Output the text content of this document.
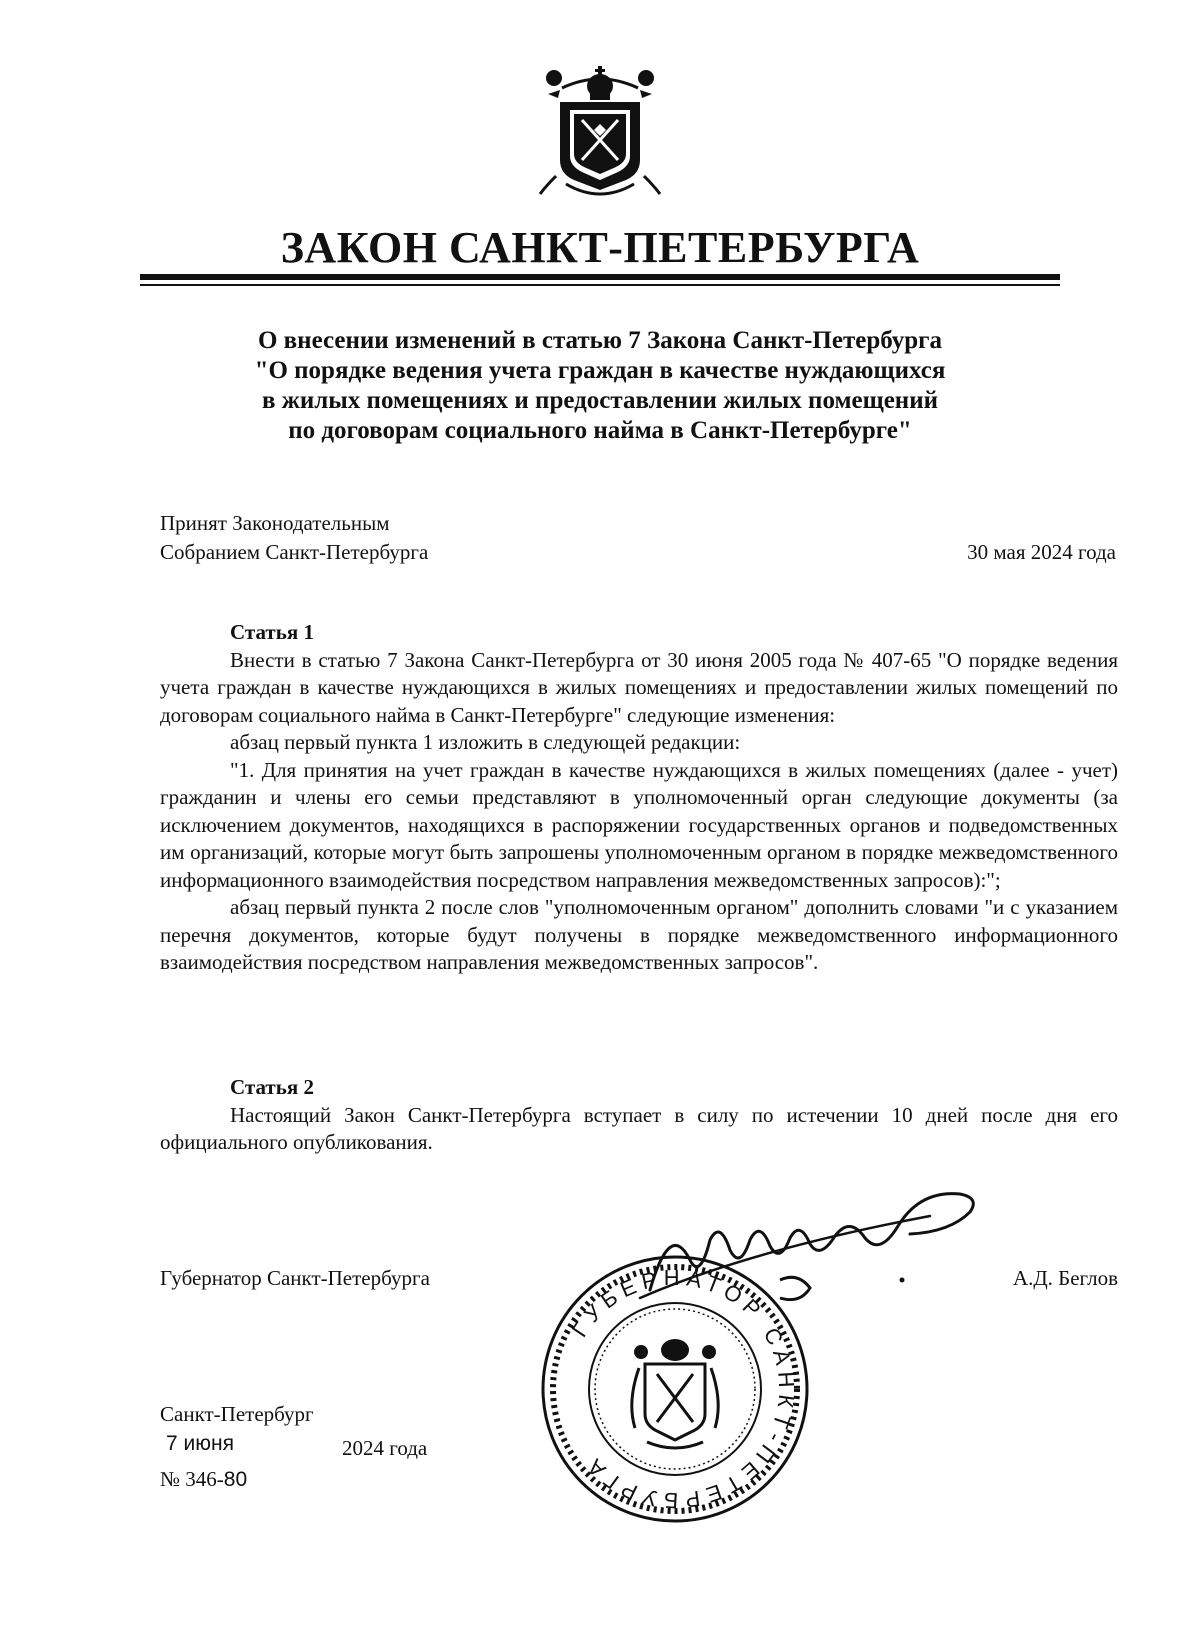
ЗАКОН САНКТ-ПЕТЕРБУРГА
О внесении изменений в статью 7 Закона Санкт-Петербурга
"О порядке ведения учета граждан в качестве нуждающихся
в жилых помещениях и предоставлении жилых помещений
по договорам социального найма в Санкт-Петербурге"
Принят Законодательным
Собранием Санкт-Петербурга	30 мая 2024 года
Статья 1
Внести в статью 7 Закона Санкт-Петербурга от 30 июня 2005 года № 407-65 "О порядке ведения учета граждан в качестве нуждающихся в жилых помещениях и предоставлении жилых помещений по договорам социального найма в Санкт-Петербурге" следующие изменения:
абзац первый пункта 1 изложить в следующей редакции:
"1. Для принятия на учет граждан в качестве нуждающихся в жилых помещениях (далее - учет) гражданин и члены его семьи представляют в уполномоченный орган следующие документы (за исключением документов, находящихся в распоряжении государственных органов и подведомственных им организаций, которые могут быть запрошены уполномоченным органом в порядке межведомственного информационного взаимодействия посредством направления межведомственных запросов):";
абзац первый пункта 2 после слов "уполномоченным органом" дополнить словами "и с указанием перечня документов, которые будут получены в порядке межведомственного информационного взаимодействия посредством направления межведомственных запросов".
Статья 2
Настоящий Закон Санкт-Петербурга вступает в силу по истечении 10 дней после дня его официального опубликования.
Губернатор Санкт-Петербурга
ГУБЕРНАТОР САНКТ-ПЕТЕРБУРГА
А.Д. Беглов
Санкт-Петербург
7 июня	2024 года
№ 346-80
